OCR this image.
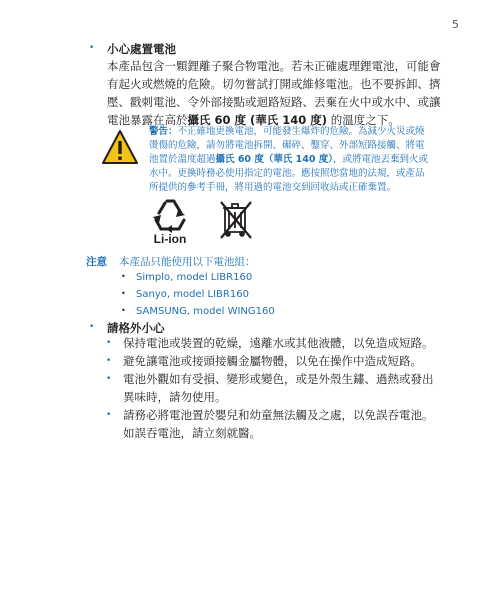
5
• 小心處置電池
本產品包含一顆鋰離子聚合物電池。若未正確處理鋰電池，可能會
有起火或燃燒的危險。切勿嘗試打開或維修電池。也不要拆卸、擠
壓、戳刺電池、令外部接點或迴路短路、丟棄在火中或水中、或讓
電池暴露在高於攝氏 60 度 (華氏 140 度) 的溫度之下。
警告：不正確地更換電池，可能發生爆炸的危險。為減少火災或燒
燙傷的危險，請勿將電池拆開、碾碎、鑿穿、外部短路接觸、將電
池置於溫度超過攝氏 60 度（華氏 140 度），或將電池丟棄到火或
水中。更換時務必使用指定的電池。應按照您當地的法規，或產品
所提供的參考手冊，將用過的電池交到回收站或正確棄置。
Li-ion
注意 本產品只能使用以下電池組：
• Simplo, model LIBR160
• Sanyo, model LIBR160
• SAMSUNG, model WING160
• 請格外小心
• 保持電池或裝置的乾燥，遠離水或其他液體，以免造成短路。
• 避免讓電池或接頭接觸金屬物體，以免在操作中造成短路。
• 電池外觀如有受損、變形或變色，或是外殼生鏽、過熱或發出
異味時，請勿使用。
• 請務必將電池置於嬰兒和幼童無法觸及之處，以免誤吞電池。
如誤吞電池，請立刻就醫。
